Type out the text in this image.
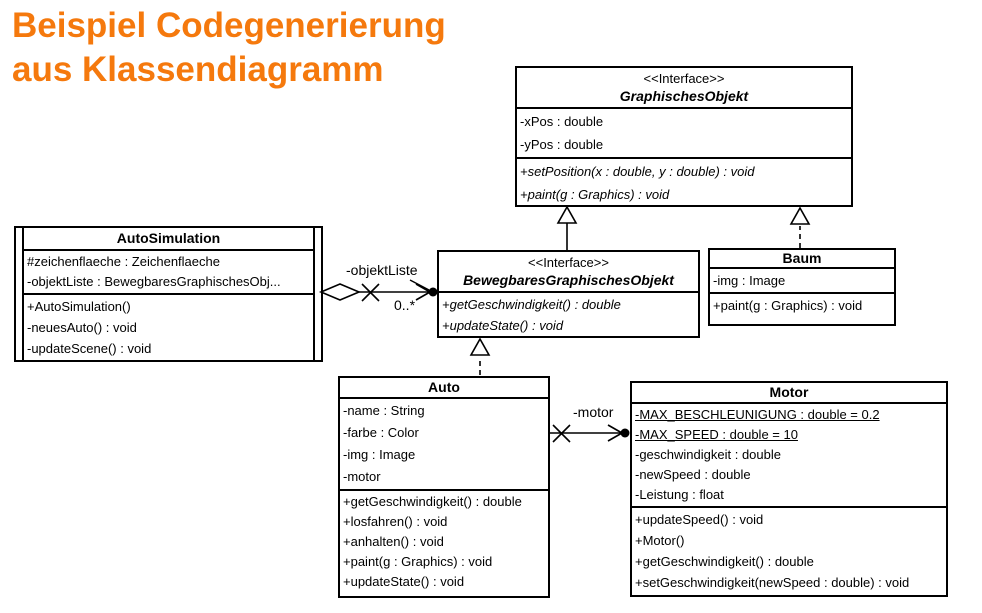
Beispiel Codegenerierung
aus Klassendiagramm	<<Interface>>
GraphischesObjekt
-xPos : double
-yPos : double
+setPosition(x : double, y : double) : void
+paint(g : Graphics) : void
AutoSimulation
#zeichenflaeche : Zeichenflaeche
-objektListe : BewegbaresGraphischesObj...
+AutoSimulation()
-neuesAuto() : void
-updateScene() : void
<<Interface>>
BewegbaresGraphischesObjekt
+getGeschwindigkeit() : double
+updateState() : void
Baum
-img : Image
+paint(g : Graphics) : void
Auto
-name : String
-farbe : Color
-img : Image
-motor
+getGeschwindigkeit() : double
+losfahren() : void
+anhalten() : void
+paint(g : Graphics) : void
+updateState() : void
Motor
-MAX_BESCHLEUNIGUNG : double = 0.2
-MAX_SPEED : double = 10
-geschwindigkeit : double
-newSpeed : double
-Leistung : float
+updateSpeed() : void
+Motor()
+getGeschwindigkeit() : double
+setGeschwindigkeit(newSpeed : double) : void
-objektListe
0..*
-motor
